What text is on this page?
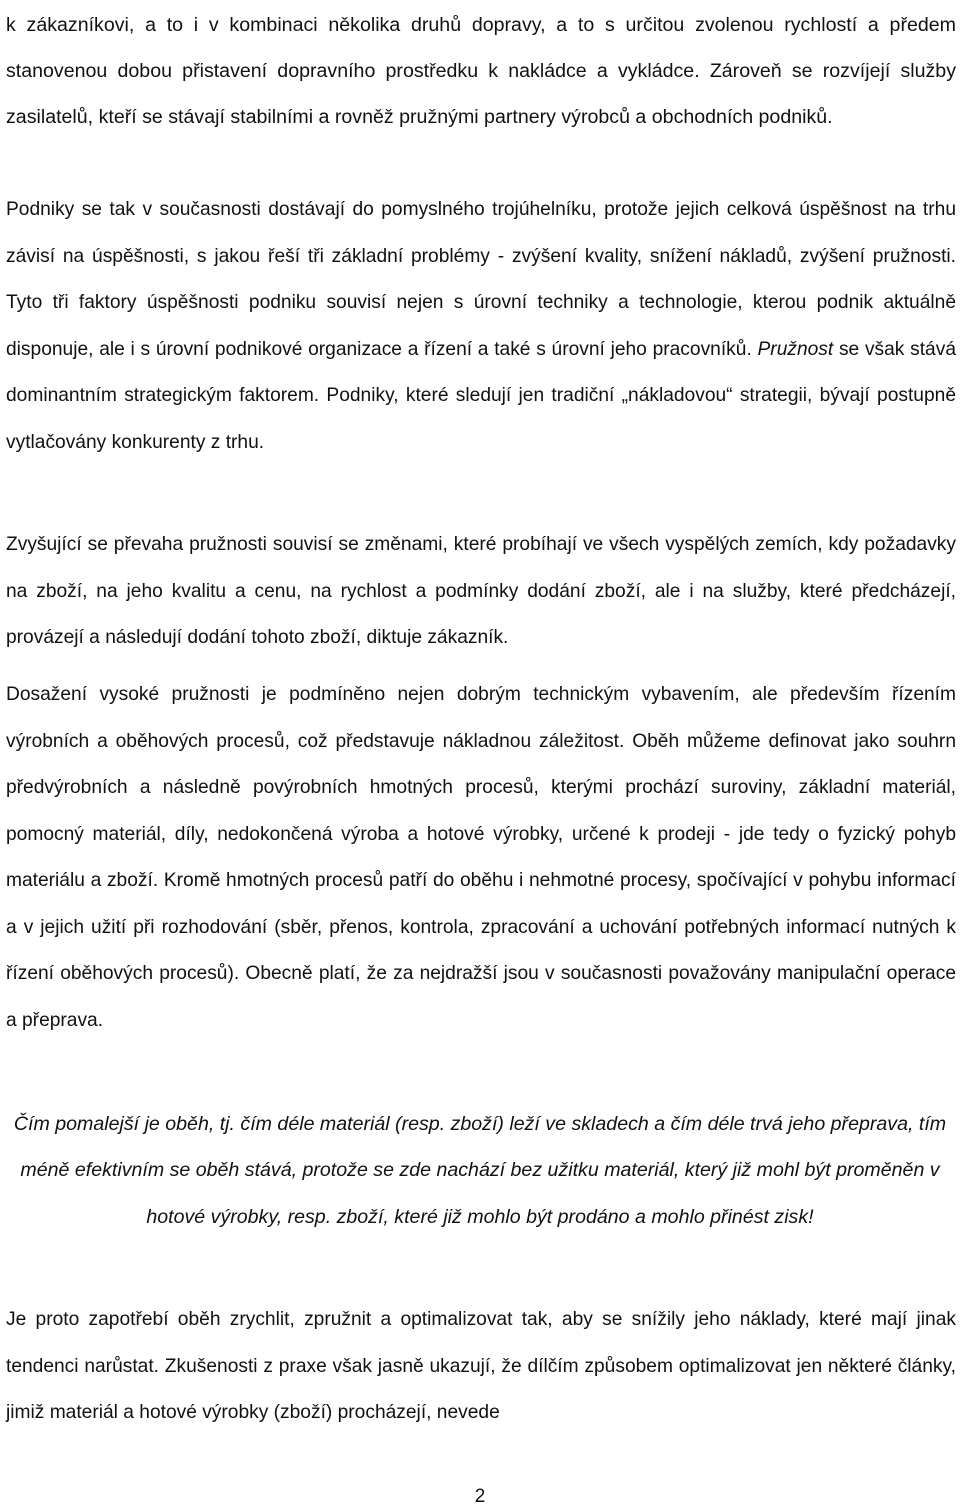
k zákazníkovi, a to i v kombinaci několika druhů dopravy, a to s určitou zvolenou rychlostí a předem stanovenou dobou přistavení dopravního prostředku k nakládce a vykládce. Zároveň se rozvíjejí služby zasilatelů, kteří se stávají stabilními a rovněž pružnými partnery výrobců a obchodních podniků.

Podniky se tak v současnosti dostávají do pomyslného trojúhelníku, protože jejich celková úspěšnost na trhu závisí na úspěšnosti, s jakou řeší tři základní problémy - zvýšení kvality, snížení nákladů, zvýšení pružnosti. Tyto tři faktory úspěšnosti podniku souvisí nejen s úrovní techniky a technologie, kterou podnik aktuálně disponuje, ale i s úrovní podnikové organizace a řízení a také s úrovní jeho pracovníků. Pružnost se však stává dominantním strategickým faktorem. Podniky, které sledují jen tradiční „nákladovou“ strategii, bývají postupně vytlačovány konkurenty z trhu.

Zvyšující se převaha pružnosti souvisí se změnami, které probíhají ve všech vyspělých zemích, kdy požadavky na zboží, na jeho kvalitu a cenu, na rychlost a podmínky dodání zboží, ale i na služby, které předcházejí, provázejí a následují dodání tohoto zboží, diktuje zákazník.

Dosažení vysoké pružnosti je podmíněno nejen dobrým technickým vybavením, ale především řízením výrobních a oběhových procesů, což představuje nákladnou záležitost. Oběh můžeme definovat jako souhrn předvýrobních a následně povýrobních hmotných procesů, kterými prochází suroviny, základní materiál, pomocný materiál, díly, nedokončená výroba a hotové výrobky, určené k prodeji - jde tedy o fyzický pohyb materiálu a zboží. Kromě hmotných procesů patří do oběhu i nehmotné procesy, spočívající v pohybu informací a v jejich užití při rozhodování (sběr, přenos, kontrola, zpracování a uchování potřebných informací nutných k řízení oběhových procesů). Obecně platí, že za nejdražší jsou v současnosti považovány manipulační operace a přeprava.

Čím pomalejší je oběh, tj. čím déle materiál (resp. zboží) leží ve skladech a čím déle trvá jeho přeprava, tím méně efektivním se oběh stává, protože se zde nachází bez užitku materiál, který již mohl být proměněn v hotové výrobky, resp. zboží, které již mohlo být prodáno a mohlo přinést zisk!

Je proto zapotřebí oběh zrychlit, zpružnit a optimalizovat tak, aby se snížily jeho náklady, které mají jinak tendenci narůstat. Zkušenosti z praxe však jasně ukazují, že dílčím způsobem optimalizovat jen některé články, jimiž materiál a hotové výrobky (zboží) procházejí, nevede

2
